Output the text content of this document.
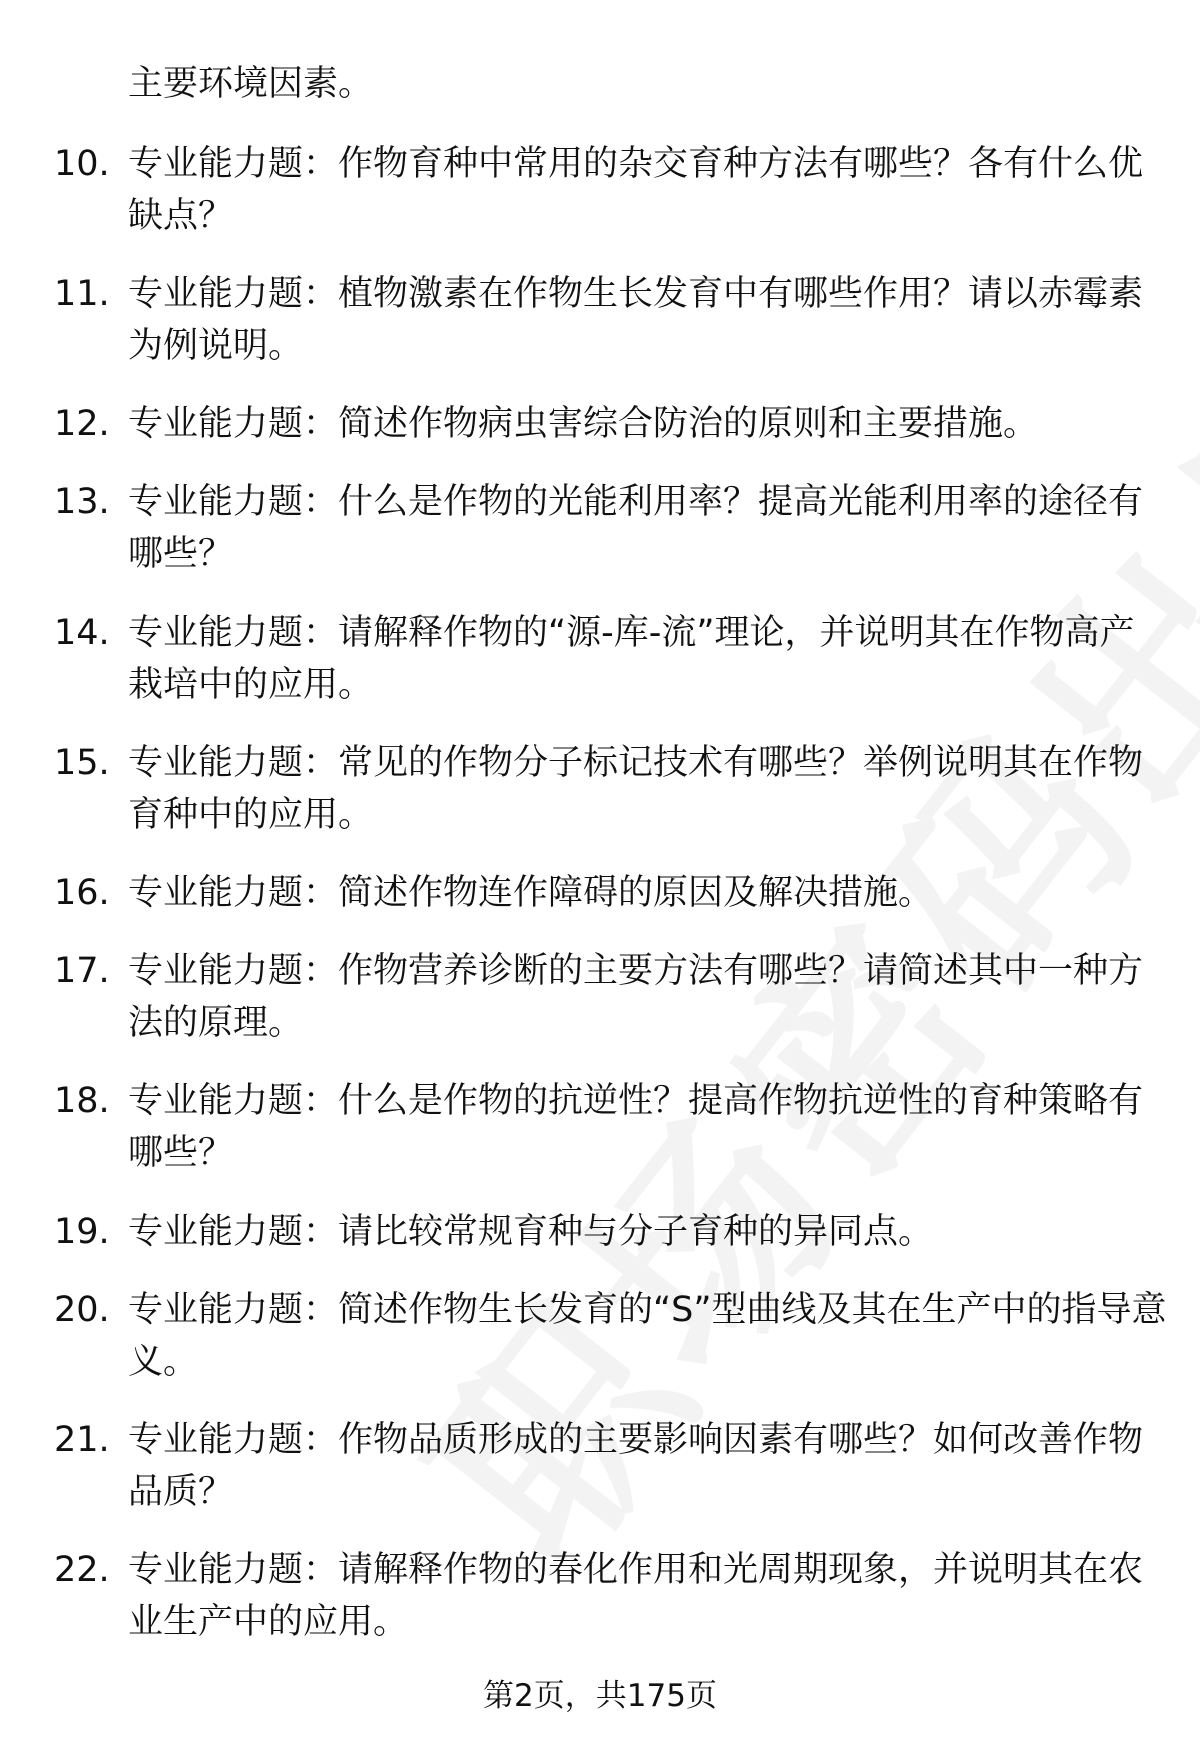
主要环境因素。
10. 专业能力题：作物育种中常用的杂交育种方法有哪些？各有什么优缺点？
11. 专业能力题：植物激素在作物生长发育中有哪些作用？请以赤霉素为例说明。
12. 专业能力题：简述作物病虫害综合防治的原则和主要措施。
13. 专业能力题：什么是作物的光能利用率？提高光能利用率的途径有哪些？
14. 专业能力题：请解释作物的“源-库-流”理论，并说明其在作物高产栽培中的应用。
15. 专业能力题：常见的作物分子标记技术有哪些？举例说明其在作物育种中的应用。
16. 专业能力题：简述作物连作障碍的原因及解决措施。
17. 专业能力题：作物营养诊断的主要方法有哪些？请简述其中一种方法的原理。
18. 专业能力题：什么是作物的抗逆性？提高作物抗逆性的育种策略有哪些？
19. 专业能力题：请比较常规育种与分子育种的异同点。
20. 专业能力题：简述作物生长发育的“S”型曲线及其在生产中的指导意义。
21. 专业能力题：作物品质形成的主要影响因素有哪些？如何改善作物品质？
22. 专业能力题：请解释作物的春化作用和光周期现象，并说明其在农业生产中的应用。
第2页，共175页
